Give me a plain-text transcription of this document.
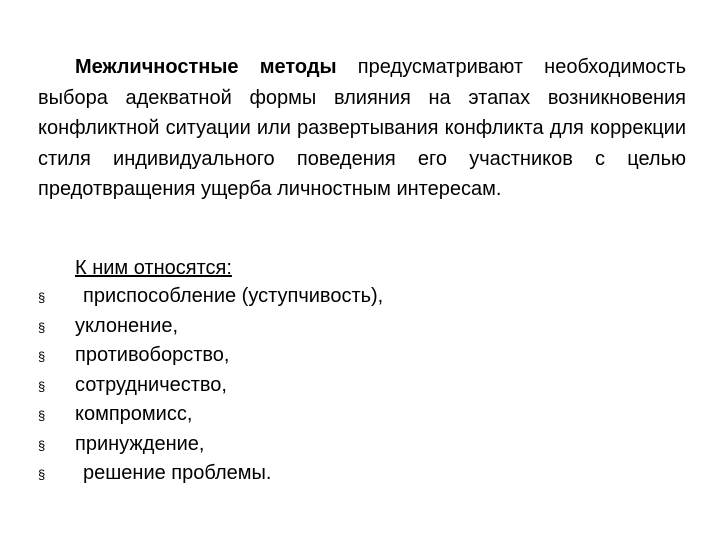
Межличностные методы предусматривают необходимость выбора адекватной формы влияния на этапах возникновения конфликтной ситуации или развертывания конфликта для коррекции стиля индивидуального поведения его участников с целью предотвращения ущерба личностным интересам.

К ним относятся:
§	приспособление (уступчивость),
§	уклонение,
§	противоборство,
§	сотрудничество,
§	компромисс,
§	принуждение,
§	решение проблемы.
